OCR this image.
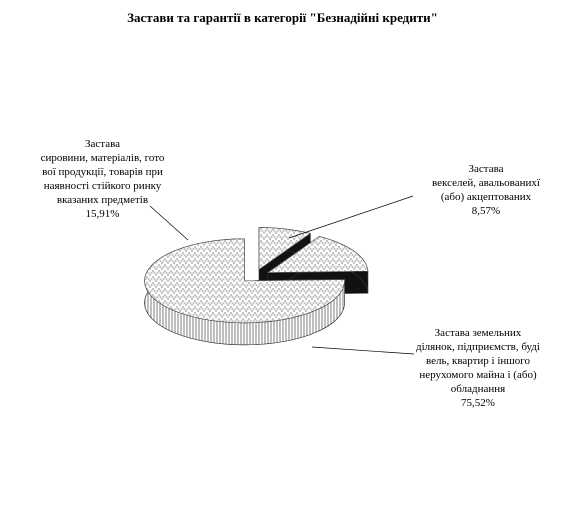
Застави та гарантії в категорії "Безнадійні кредити"
Застава
векселей, авальованихї
(або) акцептованих
8,57%
Застава
сировини, матеріалів, гото
вої продукції, товарів при
наявності стійкого ринку
вказаних предметів
15,91%
Застава земельних
ділянок, підприємств, буді
вель, квартир і іншого
нерухомого майна і (або)
обладнання
75,52%
